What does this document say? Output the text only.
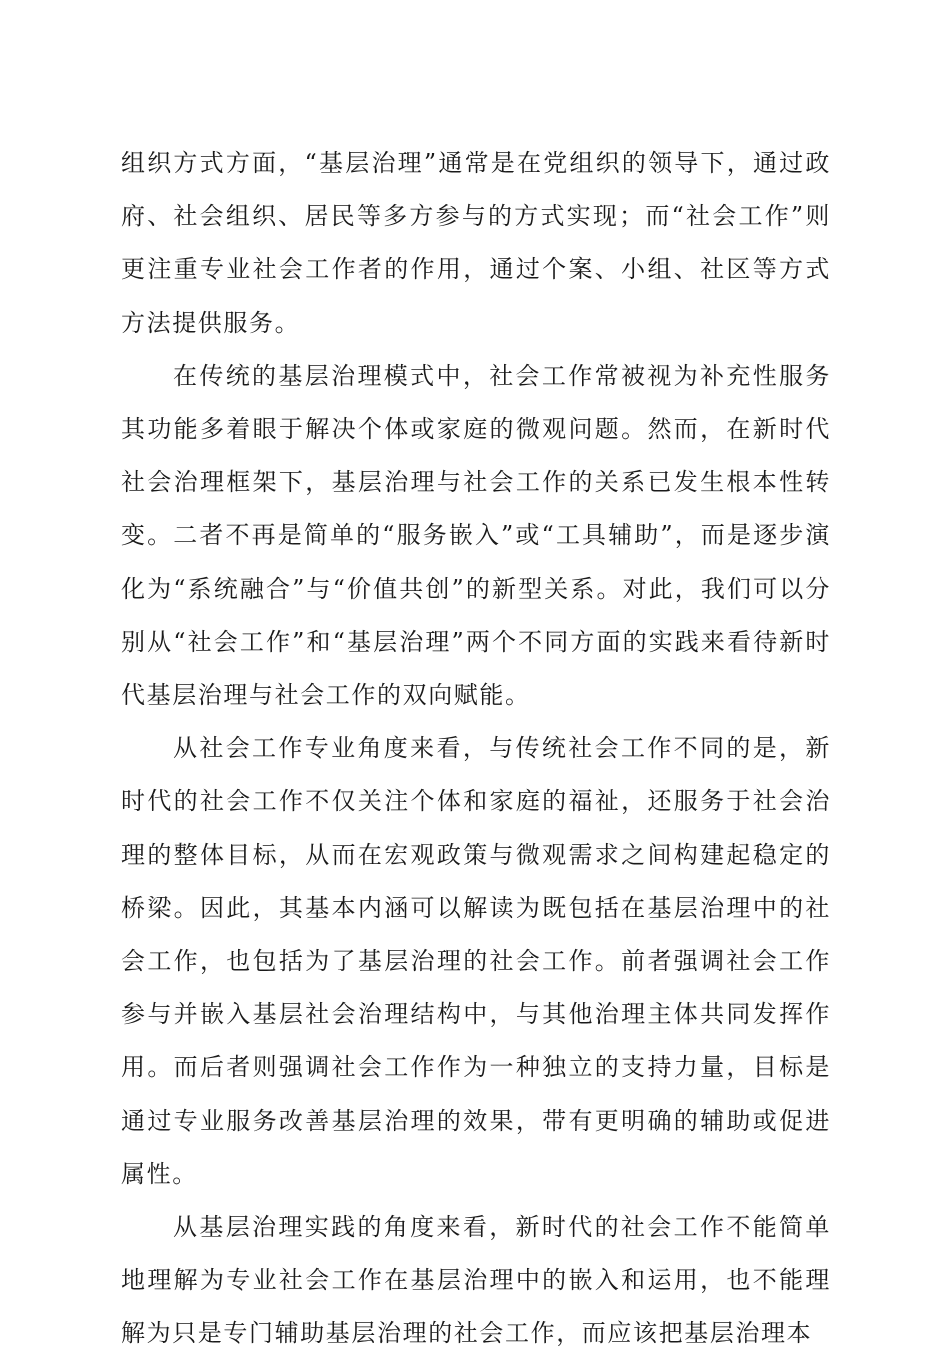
组织方式方面，“基层治理”通常是在党组织的领导下，通过政府、社会组织、居民等多方参与的方式实现；而“社会工作”则更注重专业社会工作者的作用，通过个案、小组、社区等方式方法提供服务。

在传统的基层治理模式中，社会工作常被视为补充性服务其功能多着眼于解决个体或家庭的微观问题。然而，在新时代社会治理框架下，基层治理与社会工作的关系已发生根本性转变。二者不再是简单的“服务嵌入”或“工具辅助”，而是逐步演化为“系统融合”与“价值共创”的新型关系。对此，我们可以分别从“社会工作”和“基层治理”两个不同方面的实践来看待新时代基层治理与社会工作的双向赋能。

从社会工作专业角度来看，与传统社会工作不同的是，新时代的社会工作不仅关注个体和家庭的福祉，还服务于社会治理的整体目标，从而在宏观政策与微观需求之间构建起稳定的桥梁。因此，其基本内涵可以解读为既包括在基层治理中的社会工作，也包括为了基层治理的社会工作。前者强调社会工作参与并嵌入基层社会治理结构中，与其他治理主体共同发挥作用。而后者则强调社会工作作为一种独立的支持力量，目标是通过专业服务改善基层治理的效果，带有更明确的辅助或促进属性。

从基层治理实践的角度来看，新时代的社会工作不能简单地理解为专业社会工作在基层治理中的嵌入和运用，也不能理解为只是专门辅助基层治理的社会工作，而应该把基层治理本
